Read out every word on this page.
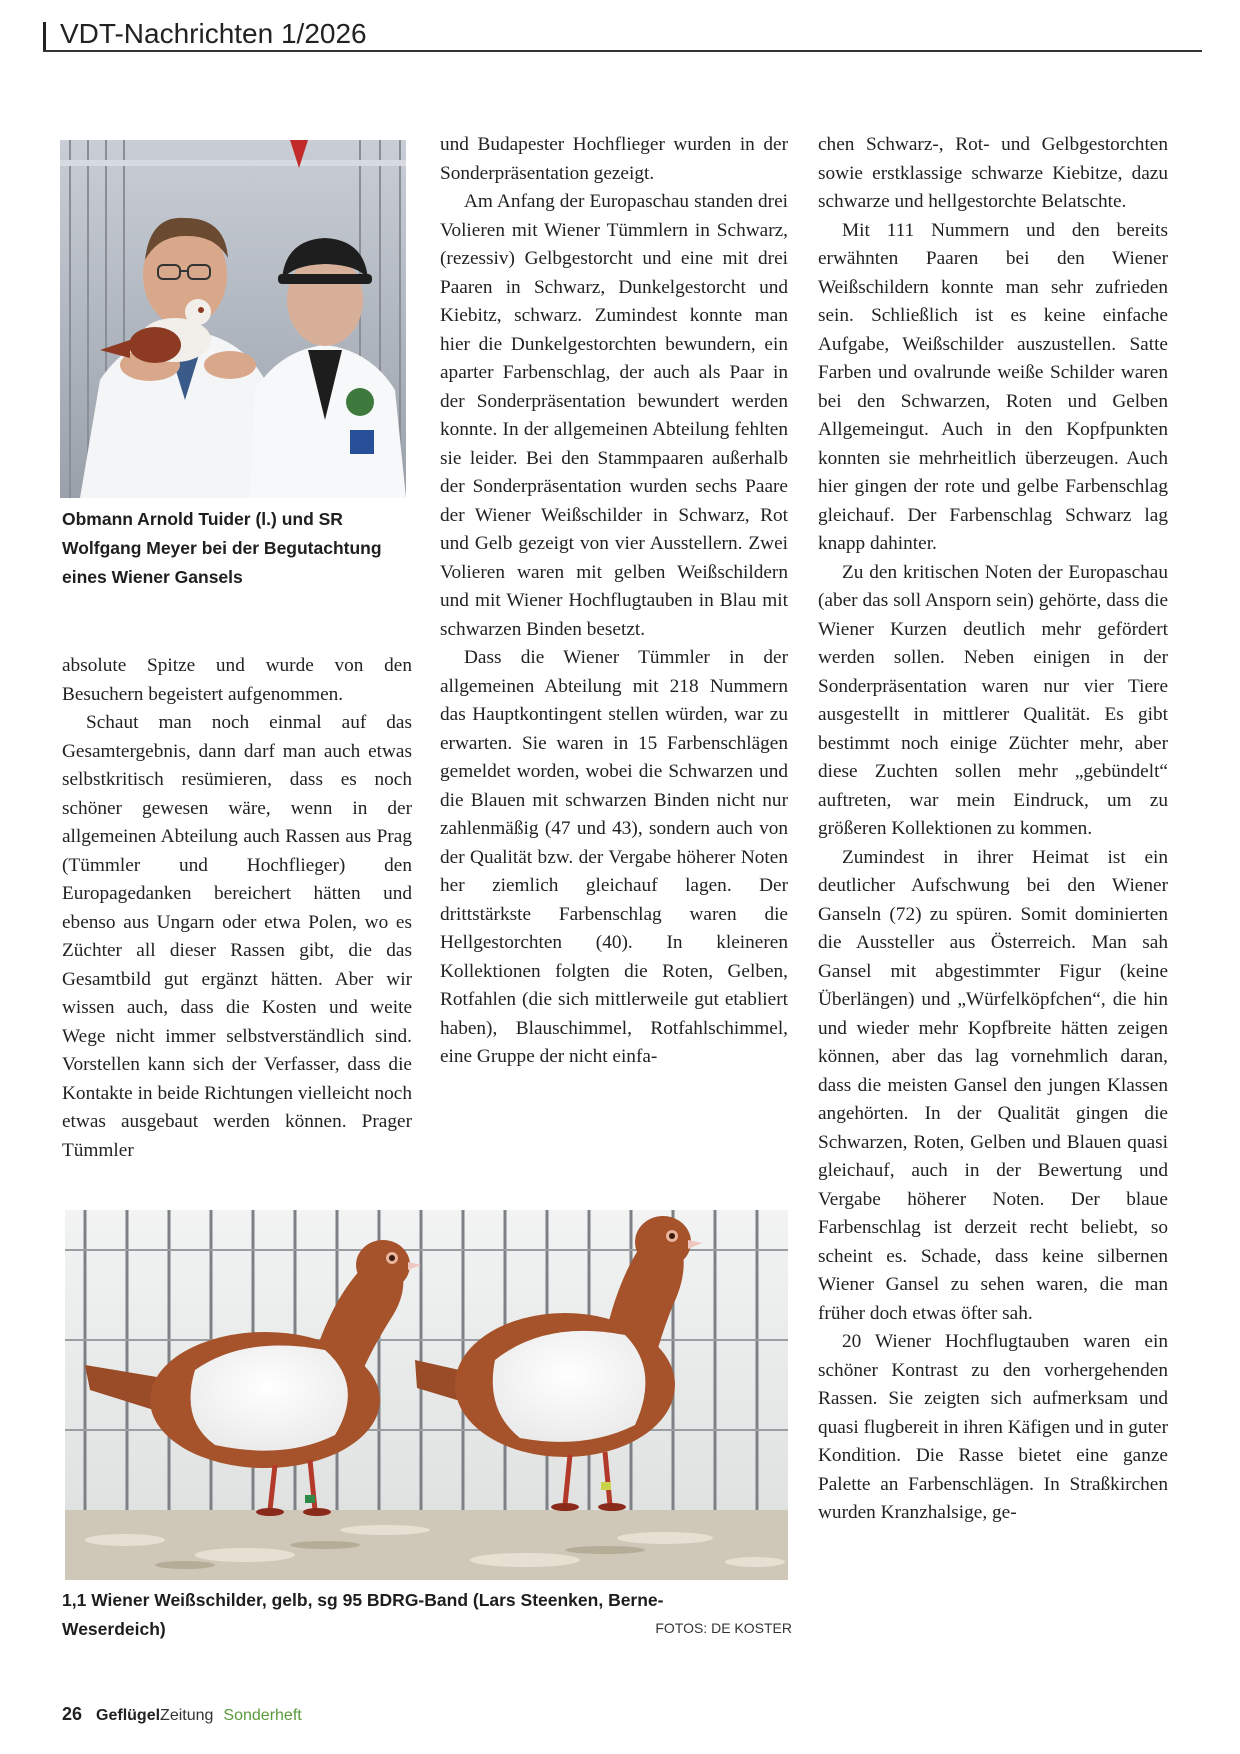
VDT-Nachrichten 1/2026
Obmann Arnold Tuider (l.) und SR Wolfgang Meyer bei der Begutachtung eines Wiener Gansels

absolute Spitze und wurde von den Besuchern begeistert aufgenommen.

Schaut man noch einmal auf das Gesamtergebnis, dann darf man auch etwas selbstkritisch resümieren, dass es noch schöner gewesen wäre, wenn in der allgemeinen Abteilung auch Rassen aus Prag (Tümmler und Hochflieger) den Europagedanken bereichert hätten und ebenso aus Ungarn oder etwa Polen, wo es Züchter all dieser Rassen gibt, die das Gesamtbild gut ergänzt hätten. Aber wir wissen auch, dass die Kosten und weite Wege nicht immer selbstverständlich sind. Vorstellen kann sich der Verfasser, dass die Kontakte in beide Richtungen vielleicht noch etwas ausgebaut werden können. Prager Tümmler

und Budapester Hochflieger wurden in der Sonderpräsentation gezeigt.

Am Anfang der Europaschau standen drei Volieren mit Wiener Tümmlern in Schwarz, (rezessiv) Gelbgestorcht und eine mit drei Paaren in Schwarz, Dunkelgestorcht und Kiebitz, schwarz. Zumindest konnte man hier die Dunkelgestorchten bewundern, ein aparter Farbenschlag, der auch als Paar in der Sonderpräsentation bewundert werden konnte. In der allgemeinen Abteilung fehlten sie leider. Bei den Stammpaaren außerhalb der Sonderpräsentation wurden sechs Paare der Wiener Weißschilder in Schwarz, Rot und Gelb gezeigt von vier Ausstellern. Zwei Volieren waren mit gelben Weißschildern und mit Wiener Hochflugtauben in Blau mit schwarzen Binden besetzt.

Dass die Wiener Tümmler in der allgemeinen Abteilung mit 218 Nummern das Hauptkontingent stellen würden, war zu erwarten. Sie waren in 15 Farbenschlägen gemeldet worden, wobei die Schwarzen und die Blauen mit schwarzen Binden nicht nur zahlenmäßig (47 und 43), sondern auch von der Qualität bzw. der Vergabe höherer Noten her ziemlich gleichauf lagen. Der drittstärkste Farbenschlag waren die Hellgestorchten (40). In kleineren Kollektionen folgten die Roten, Gelben, Rotfahlen (die sich mittlerweile gut etabliert haben), Blauschimmel, Rotfahlschimmel, eine Gruppe der nicht einfa-

chen Schwarz-, Rot- und Gelbgestorchten sowie erstklassige schwarze Kiebitze, dazu schwarze und hellgestorchte Belatschte.

Mit 111 Nummern und den bereits erwähnten Paaren bei den Wiener Weißschildern konnte man sehr zufrieden sein. Schließlich ist es keine einfache Aufgabe, Weißschilder auszustellen. Satte Farben und ovalrunde weiße Schilder waren bei den Schwarzen, Roten und Gelben Allgemeingut. Auch in den Kopfpunkten konnten sie mehrheitlich überzeugen. Auch hier gingen der rote und gelbe Farbenschlag gleichauf. Der Farbenschlag Schwarz lag knapp dahinter.

Zu den kritischen Noten der Europaschau (aber das soll Ansporn sein) gehörte, dass die Wiener Kurzen deutlich mehr gefördert werden sollen. Neben einigen in der Sonderpräsentation waren nur vier Tiere ausgestellt in mittlerer Qualität. Es gibt bestimmt noch einige Züchter mehr, aber diese Zuchten sollen mehr „gebündelt“ auftreten, war mein Eindruck, um zu größeren Kollektionen zu kommen.

Zumindest in ihrer Heimat ist ein deutlicher Aufschwung bei den Wiener Ganseln (72) zu spüren. Somit dominierten die Aussteller aus Österreich. Man sah Gansel mit abgestimmter Figur (keine Überlängen) und „Würfelköpfchen“, die hin und wieder mehr Kopfbreite hätten zeigen können, aber das lag vornehmlich daran, dass die meisten Gansel den jungen Klassen angehörten. In der Qualität gingen die Schwarzen, Roten, Gelben und Blauen quasi gleichauf, auch in der Bewertung und Vergabe höherer Noten. Der blaue Farbenschlag ist derzeit recht beliebt, so scheint es. Schade, dass keine silbernen Wiener Gansel zu sehen waren, die man früher doch etwas öfter sah.

20 Wiener Hochflugtauben waren ein schöner Kontrast zu den vorhergehenden Rassen. Sie zeigten sich aufmerksam und quasi flugbereit in ihren Käfigen und in guter Kondition. Die Rasse bietet eine ganze Palette an Farbenschlägen. In Straßkirchen wurden Kranzhalsige, ge-

1,1 Wiener Weißschilder, gelb, sg 95 BDRG-Band (Lars Steenken, Berne-Weserdeich)	FOTOS: DE KOSTER
26 GeflügelZeitung Sonderheft
